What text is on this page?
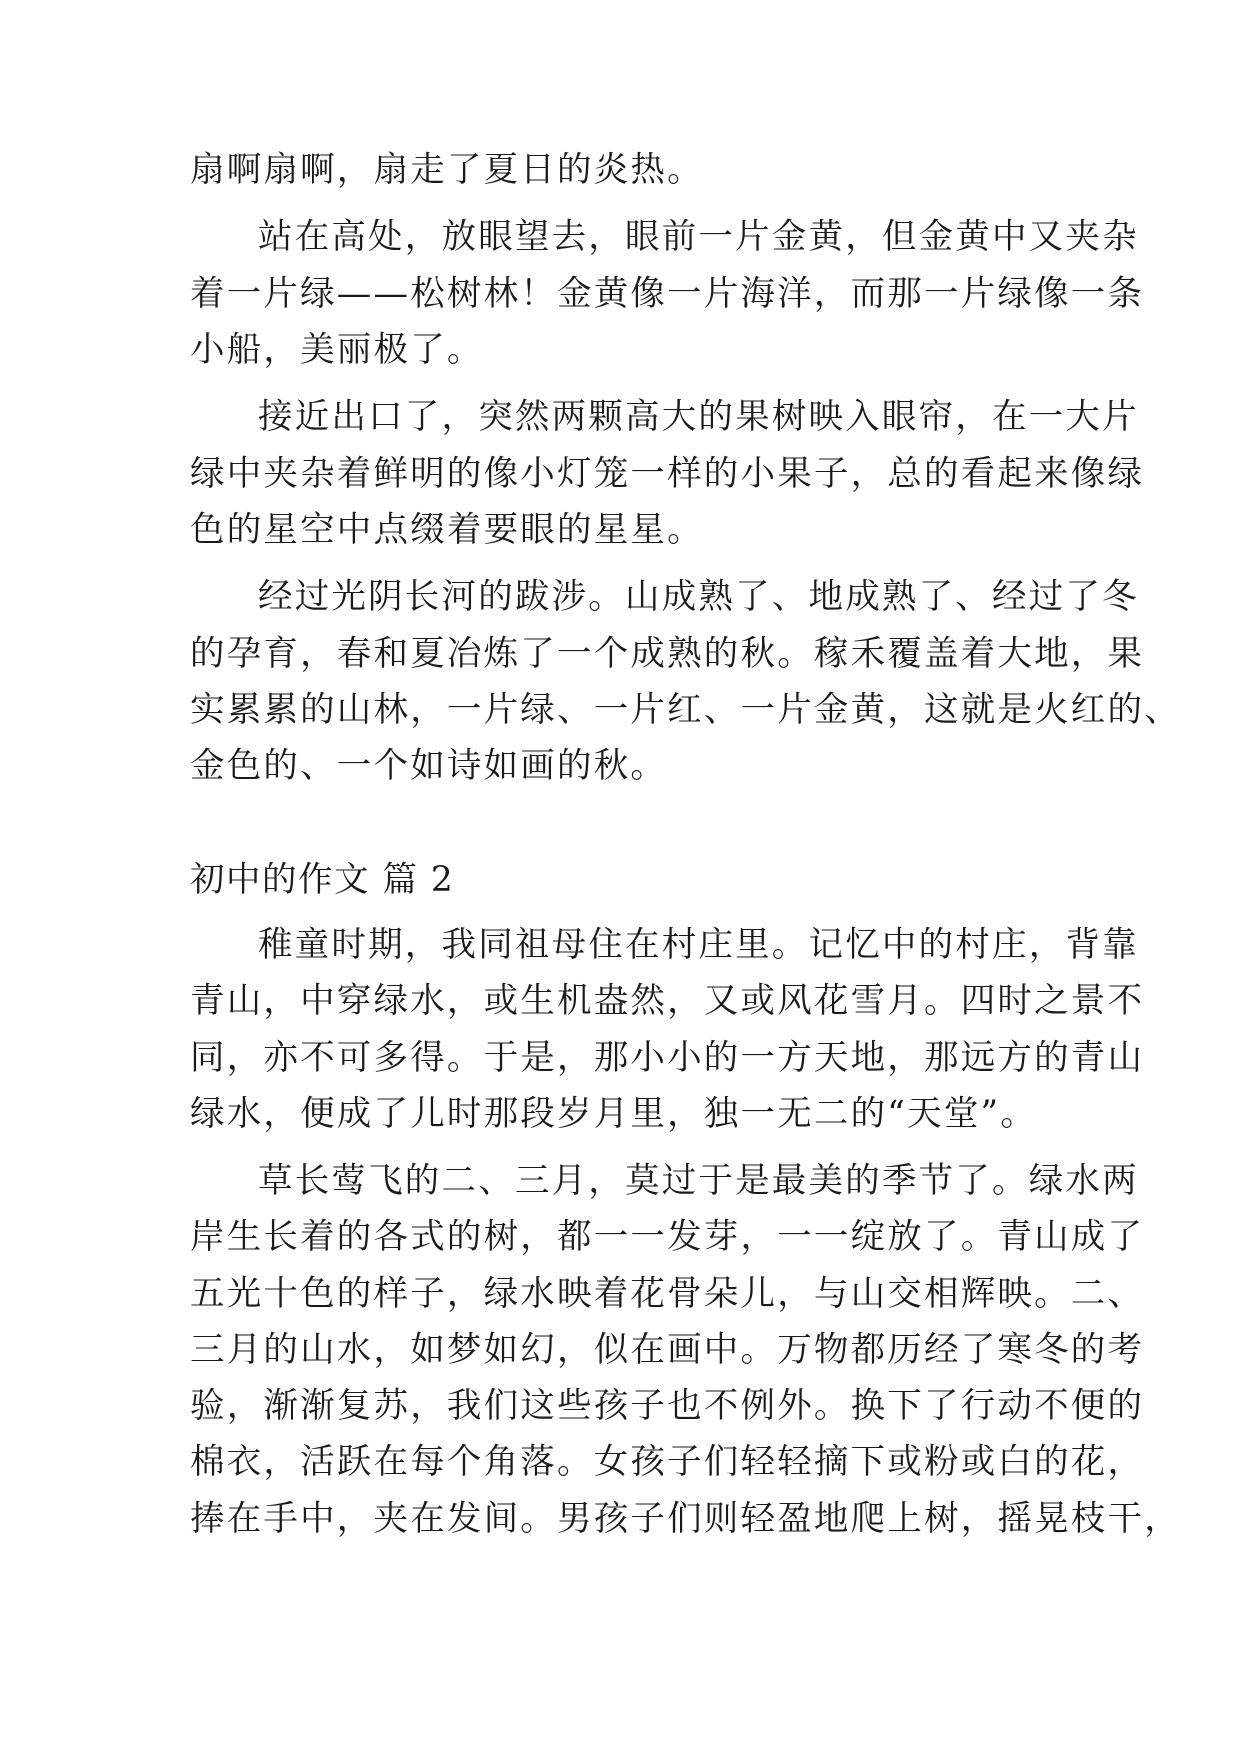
扇啊扇啊，扇走了夏日的炎热。
站在高处，放眼望去，眼前一片金黄，但金黄中又夹杂
着一片绿——松树林！金黄像一片海洋，而那一片绿像一条
小船，美丽极了。
接近出口了，突然两颗高大的果树映入眼帘，在一大片
绿中夹杂着鲜明的像小灯笼一样的小果子，总的看起来像绿
色的星空中点缀着要眼的星星。
经过光阴长河的跋涉。山成熟了、地成熟了、经过了冬
的孕育，春和夏冶炼了一个成熟的秋。稼禾覆盖着大地，果
实累累的山林，一片绿、一片红、一片金黄，这就是火红的、
金色的、一个如诗如画的秋。
初中的作文 篇 2
稚童时期，我同祖母住在村庄里。记忆中的村庄，背靠
青山，中穿绿水，或生机盎然，又或风花雪月。四时之景不
同，亦不可多得。于是，那小小的一方天地，那远方的青山
绿水，便成了儿时那段岁月里，独一无二的“天堂”。
草长莺飞的二、三月，莫过于是最美的季节了。绿水两
岸生长着的各式的树，都一一发芽，一一绽放了。青山成了
五光十色的样子，绿水映着花骨朵儿，与山交相辉映。二、
三月的山水，如梦如幻，似在画中。万物都历经了寒冬的考
验，渐渐复苏，我们这些孩子也不例外。换下了行动不便的
棉衣，活跃在每个角落。女孩子们轻轻摘下或粉或白的花，
捧在手中，夹在发间。男孩子们则轻盈地爬上树，摇晃枝干，
